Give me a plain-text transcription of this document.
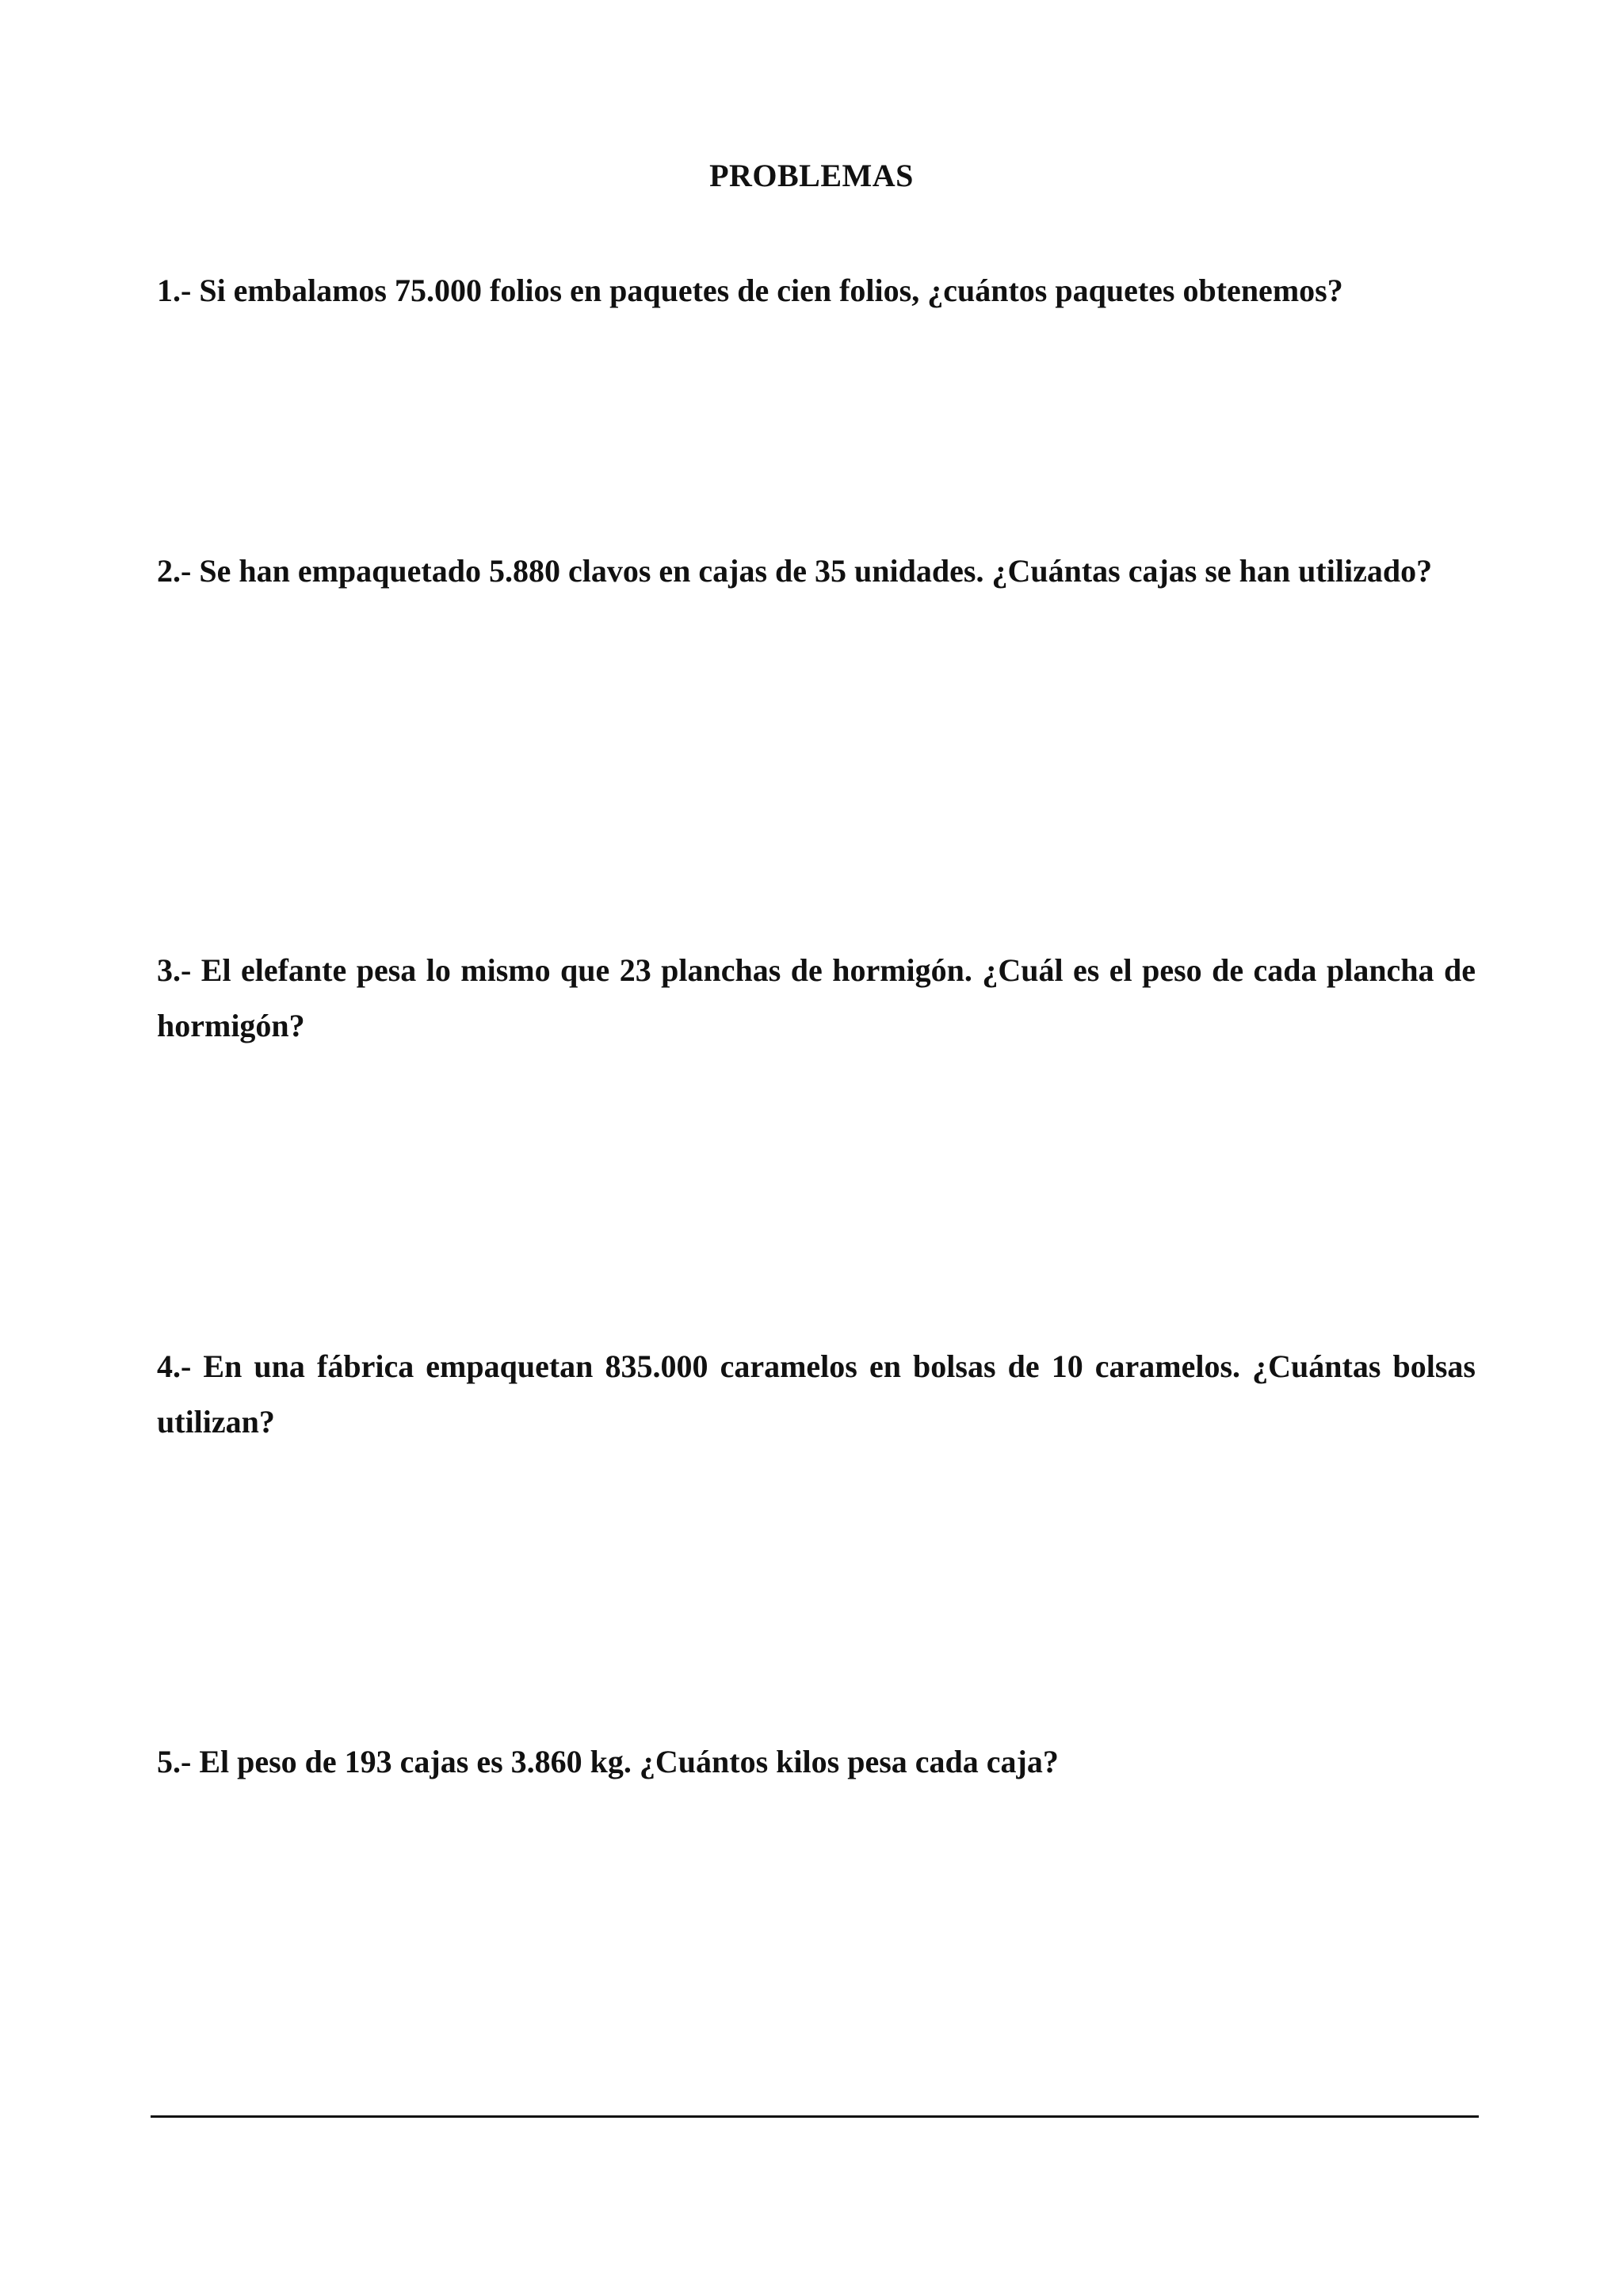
PROBLEMAS

1.- Si embalamos 75.000 folios en paquetes de cien folios, ¿cuántos paquetes obtenemos?

2.- Se han empaquetado 5.880 clavos en cajas de 35 unidades. ¿Cuántas cajas se han utilizado?

3.- El elefante pesa lo mismo que 23 planchas de hormigón. ¿Cuál es el peso de cada plancha de hormigón?

4.- En una fábrica empaquetan 835.000 caramelos en bolsas de 10 caramelos. ¿Cuántas bolsas utilizan?

5.- El peso de 193 cajas es 3.860 kg. ¿Cuántos kilos pesa cada caja?
